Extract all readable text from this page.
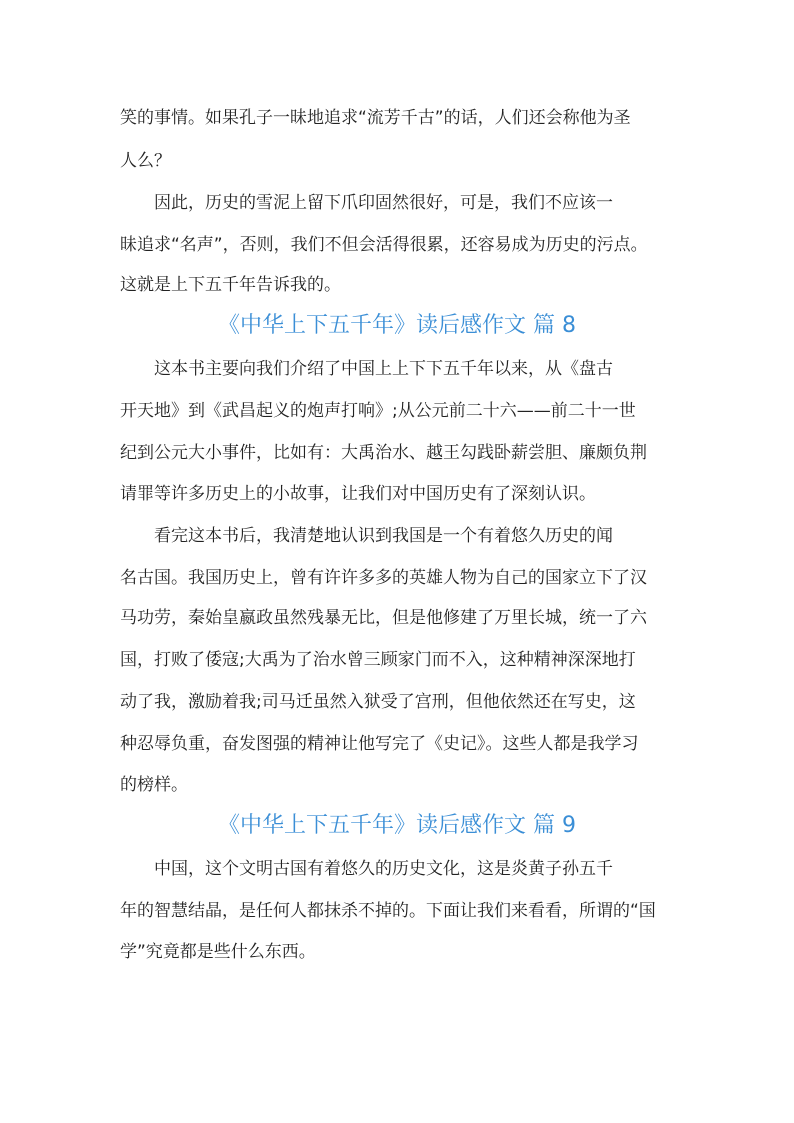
笑的事情。如果孔子一昧地追求“流芳千古”的话，人们还会称他为圣
人么？
　　因此，历史的雪泥上留下爪印固然很好，可是，我们不应该一
昧追求“名声”，否则，我们不但会活得很累，还容易成为历史的污点。
这就是上下五千年告诉我的。
《中华上下五千年》读后感作文 篇 8
　　这本书主要向我们介绍了中国上上下下五千年以来，从《盘古
开天地》到《武昌起义的炮声打响》;从公元前二十六——前二十一世
纪到公元大小事件，比如有：大禹治水、越王勾践卧薪尝胆、廉颇负荆
请罪等许多历史上的小故事，让我们对中国历史有了深刻认识。
　　看完这本书后，我清楚地认识到我国是一个有着悠久历史的闻
名古国。我国历史上，曾有许许多多的英雄人物为自己的国家立下了汉
马功劳，秦始皇嬴政虽然残暴无比，但是他修建了万里长城，统一了六
国，打败了倭寇;大禹为了治水曾三顾家门而不入，这种精神深深地打
动了我，激励着我;司马迁虽然入狱受了宫刑，但他依然还在写史，这
种忍辱负重，奋发图强的精神让他写完了《史记》。这些人都是我学习
的榜样。
《中华上下五千年》读后感作文 篇 9
　　中国，这个文明古国有着悠久的历史文化，这是炎黄子孙五千
年的智慧结晶，是任何人都抹杀不掉的。下面让我们来看看，所谓的“国
学”究竟都是些什么东西。
